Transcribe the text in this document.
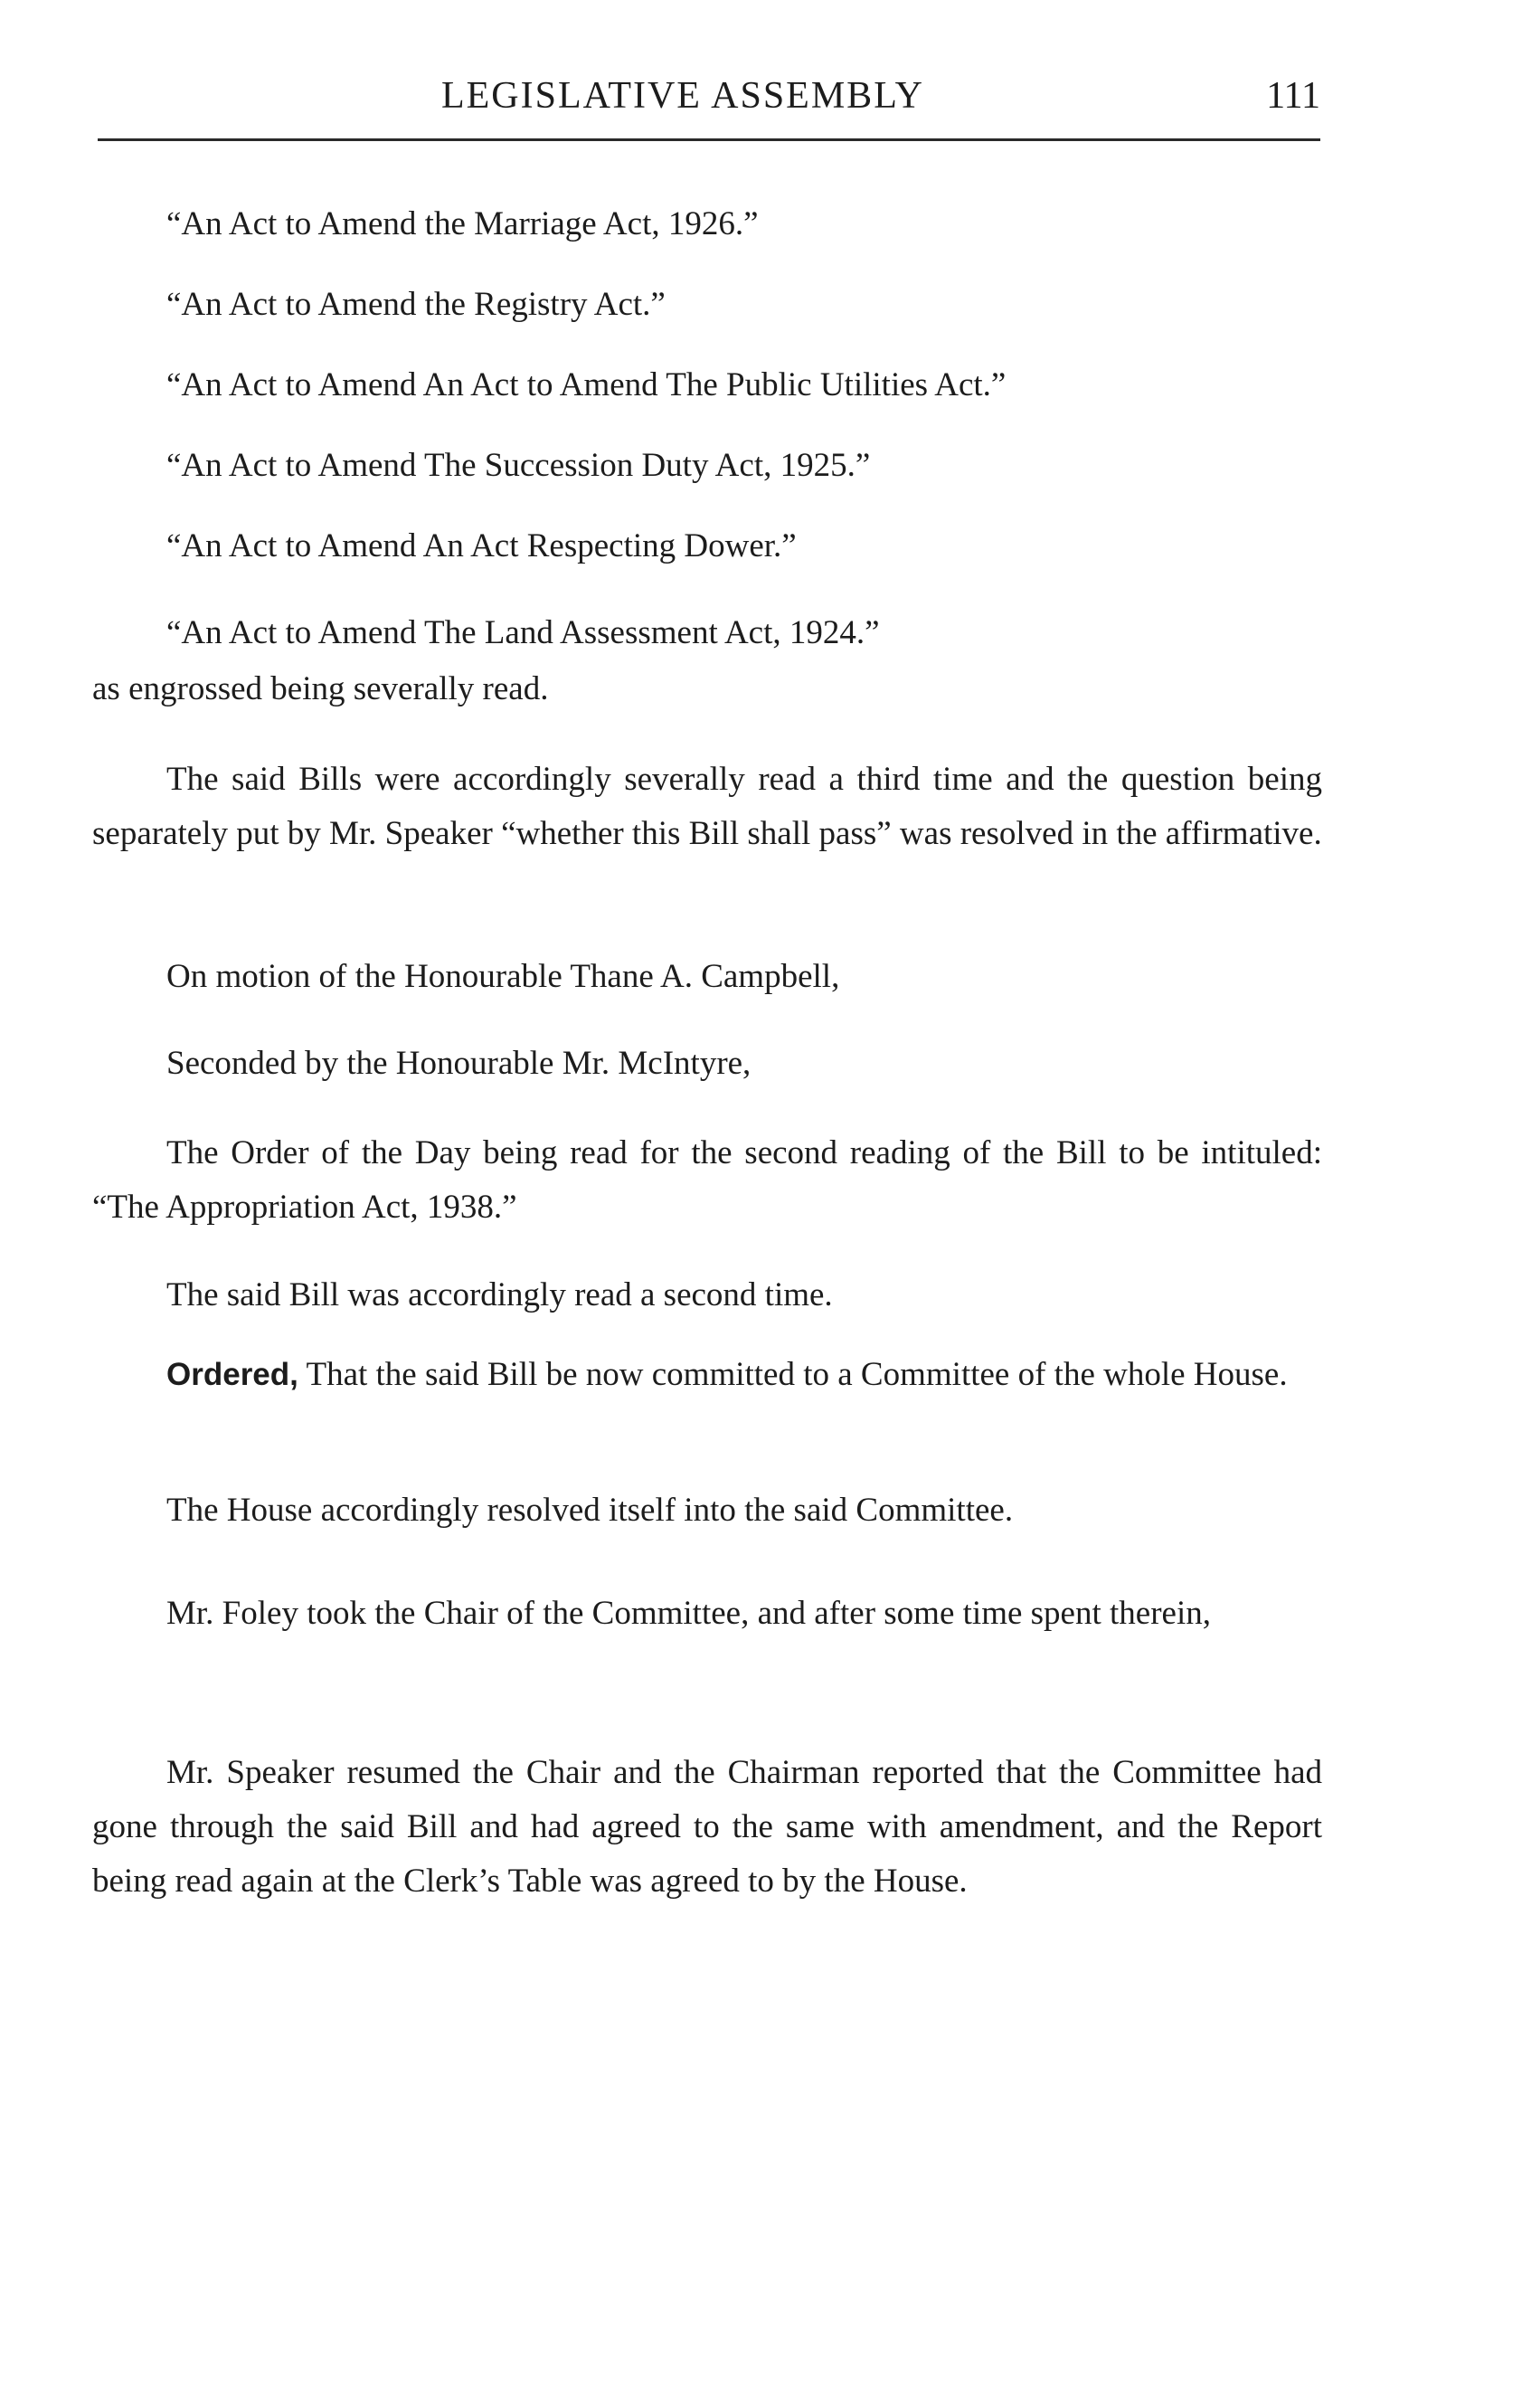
LEGISLATIVE ASSEMBLY	111

“An Act to Amend the Marriage Act, 1926.”

“An Act to Amend the Registry Act.”

“An Act to Amend An Act to Amend The Public Utilities Act.”

“An Act to Amend The Succession Duty Act, 1925.”

“An Act to Amend An Act Respecting Dower.”

“An Act to Amend The Land Assessment Act, 1924.”

as engrossed being severally read.

The said Bills were accordingly severally read a third time and the question being separately put by Mr. Speaker “whether this Bill shall pass” was resolved in the affirmative.

On motion of the Honourable Thane A. Campbell,

Seconded by the Honourable Mr. McIntyre,

The Order of the Day being read for the second reading of the Bill to be intituled: “The Appropriation Act, 1938.”

The said Bill was accordingly read a second time.

Ordered, That the said Bill be now committed to a Committee of the whole House.

The House accordingly resolved itself into the said Committee.

Mr. Foley took the Chair of the Committee, and after some time spent therein,

Mr. Speaker resumed the Chair and the Chairman reported that the Committee had gone through the said Bill and had agreed to the same with amendment, and the Report being read again at the Clerk’s Table was agreed to by the House.
